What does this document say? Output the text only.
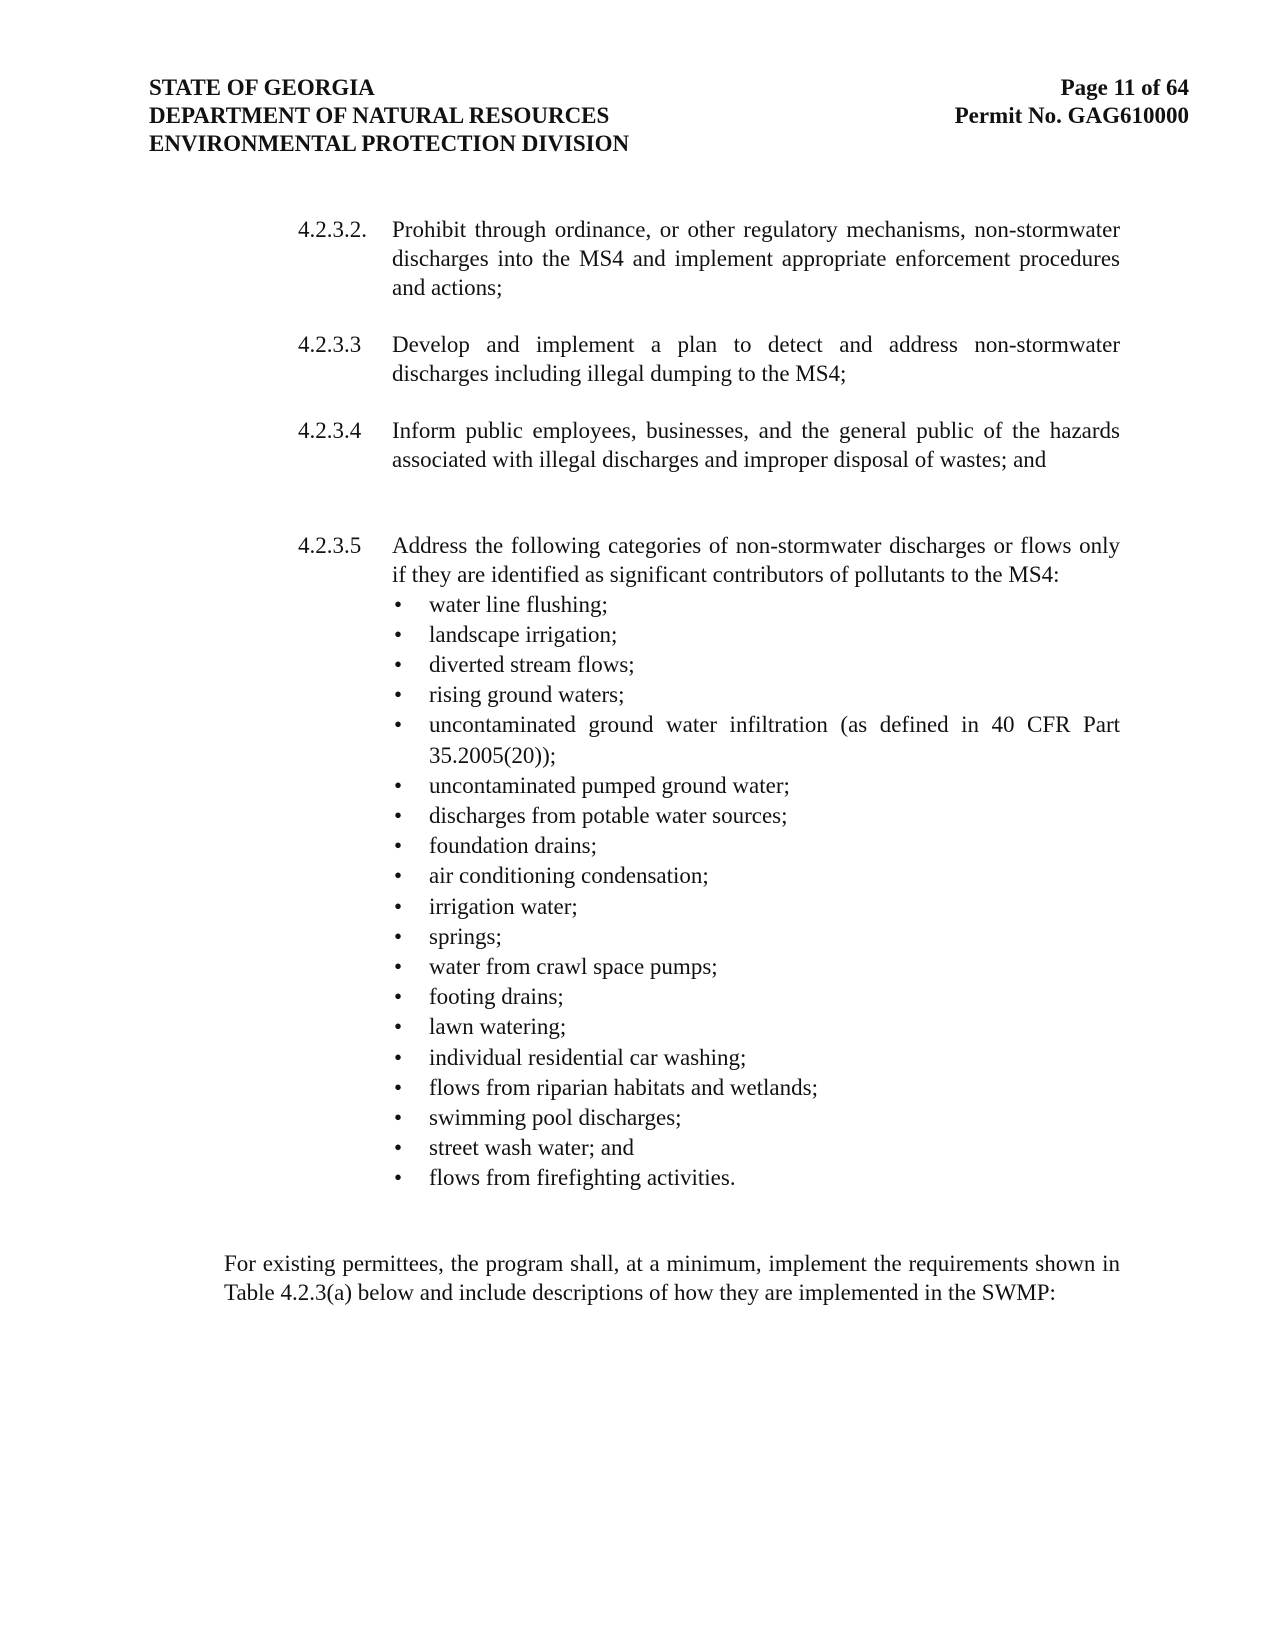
STATE OF GEORGIA
DEPARTMENT OF NATURAL RESOURCES
ENVIRONMENTAL PROTECTION DIVISION
Page 11 of 64
Permit No. GAG610000
4.2.3.2.	Prohibit through ordinance, or other regulatory mechanisms, non-stormwater discharges into the MS4 and implement appropriate enforcement procedures and actions;
4.2.3.3	Develop and implement a plan to detect and address non-stormwater discharges including illegal dumping to the MS4;
4.2.3.4	Inform public employees, businesses, and the general public of the hazards associated with illegal discharges and improper disposal of wastes; and
4.2.3.5	Address the following categories of non-stormwater discharges or flows only if they are identified as significant contributors of pollutants to the MS4:
• water line flushing;
• landscape irrigation;
• diverted stream flows;
• rising ground waters;
• uncontaminated ground water infiltration (as defined in 40 CFR Part 35.2005(20));
• uncontaminated pumped ground water;
• discharges from potable water sources;
• foundation drains;
• air conditioning condensation;
• irrigation water;
• springs;
• water from crawl space pumps;
• footing drains;
• lawn watering;
• individual residential car washing;
• flows from riparian habitats and wetlands;
• swimming pool discharges;
• street wash water; and
• flows from firefighting activities.
For existing permittees, the program shall, at a minimum, implement the requirements shown in Table 4.2.3(a) below and include descriptions of how they are implemented in the SWMP:
